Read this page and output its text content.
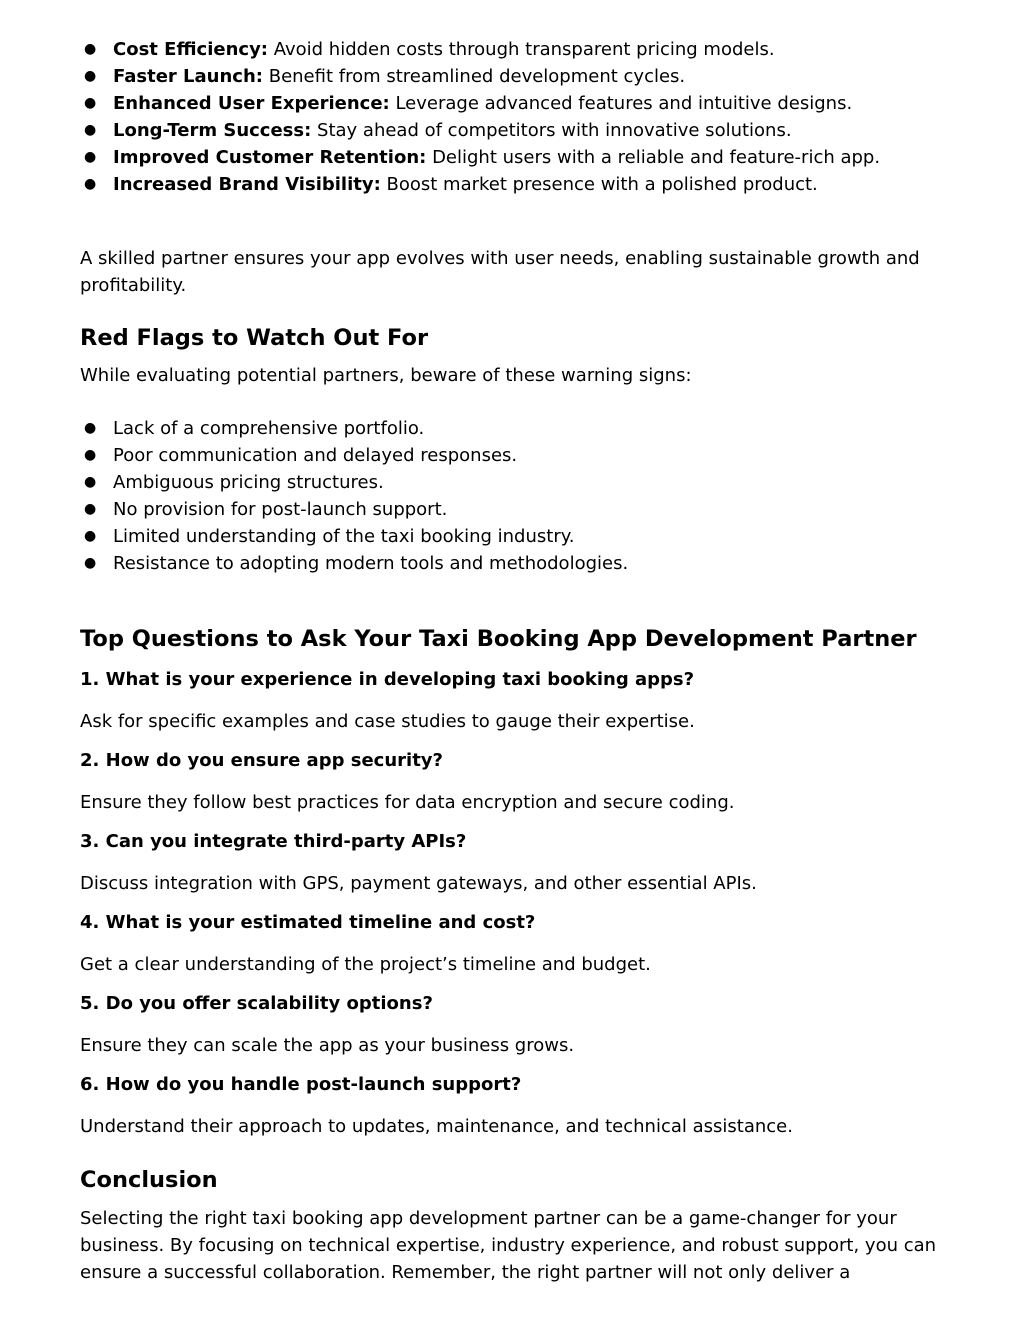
● Cost Efficiency: Avoid hidden costs through transparent pricing models.
● Faster Launch: Benefit from streamlined development cycles.
● Enhanced User Experience: Leverage advanced features and intuitive designs.
● Long-Term Success: Stay ahead of competitors with innovative solutions.
● Improved Customer Retention: Delight users with a reliable and feature-rich app.
● Increased Brand Visibility: Boost market presence with a polished product.

A skilled partner ensures your app evolves with user needs, enabling sustainable growth and profitability.

Red Flags to Watch Out For

While evaluating potential partners, beware of these warning signs:

● Lack of a comprehensive portfolio.
● Poor communication and delayed responses.
● Ambiguous pricing structures.
● No provision for post-launch support.
● Limited understanding of the taxi booking industry.
● Resistance to adopting modern tools and methodologies.
Top Questions to Ask Your Taxi Booking App Development Partner
1. What is your experience in developing taxi booking apps?

Ask for specific examples and case studies to gauge their expertise.

2. How do you ensure app security?

Ensure they follow best practices for data encryption and secure coding.

3. Can you integrate third-party APIs?

Discuss integration with GPS, payment gateways, and other essential APIs.

4. What is your estimated timeline and cost?

Get a clear understanding of the project’s timeline and budget.

5. Do you offer scalability options?

Ensure they can scale the app as your business grows.

6. How do you handle post-launch support?

Understand their approach to updates, maintenance, and technical assistance.

Conclusion

Selecting the right taxi booking app development partner can be a game-changer for your business. By focusing on technical expertise, industry experience, and robust support, you can ensure a successful collaboration. Remember, the right partner will not only deliver a
